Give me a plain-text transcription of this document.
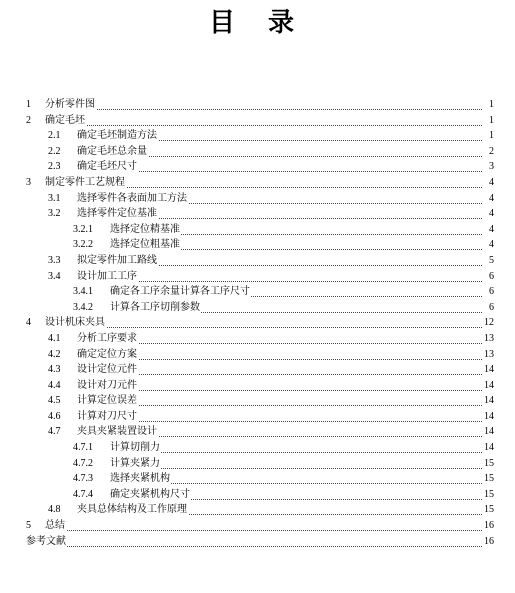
目 录
1 分析零件图	1
2 确定毛坯	1
2.1 确定毛坯制造方法	1
2.2 确定毛坯总余量	2
2.3 确定毛坯尺寸	3
3 制定零件工艺规程	4
3.1 选择零件各表面加工方法	4
3.2 选择零件定位基准	4
3.2.1 选择定位精基准	4
3.2.2 选择定位粗基准	4
3.3 拟定零件加工路线	5
3.4 设计加工工序	6
3.4.1 确定各工序余量计算各工序尺寸	6
3.4.2 计算各工序切削参数	6
4 设计机床夹具	12
4.1 分析工序要求	13
4.2 确定定位方案	13
4.3 设计定位元件	14
4.4 设计对刀元件	14
4.5 计算定位误差	14
4.6 计算对刀尺寸	14
4.7 夹具夹紧装置设计	14
4.7.1 计算切削力	14
4.7.2 计算夹紧力	15
4.7.3 选择夹紧机构	15
4.7.4 确定夹紧机构尺寸	15
4.8 夹具总体结构及工作原理	15
5 总结	16
参考文献	16
